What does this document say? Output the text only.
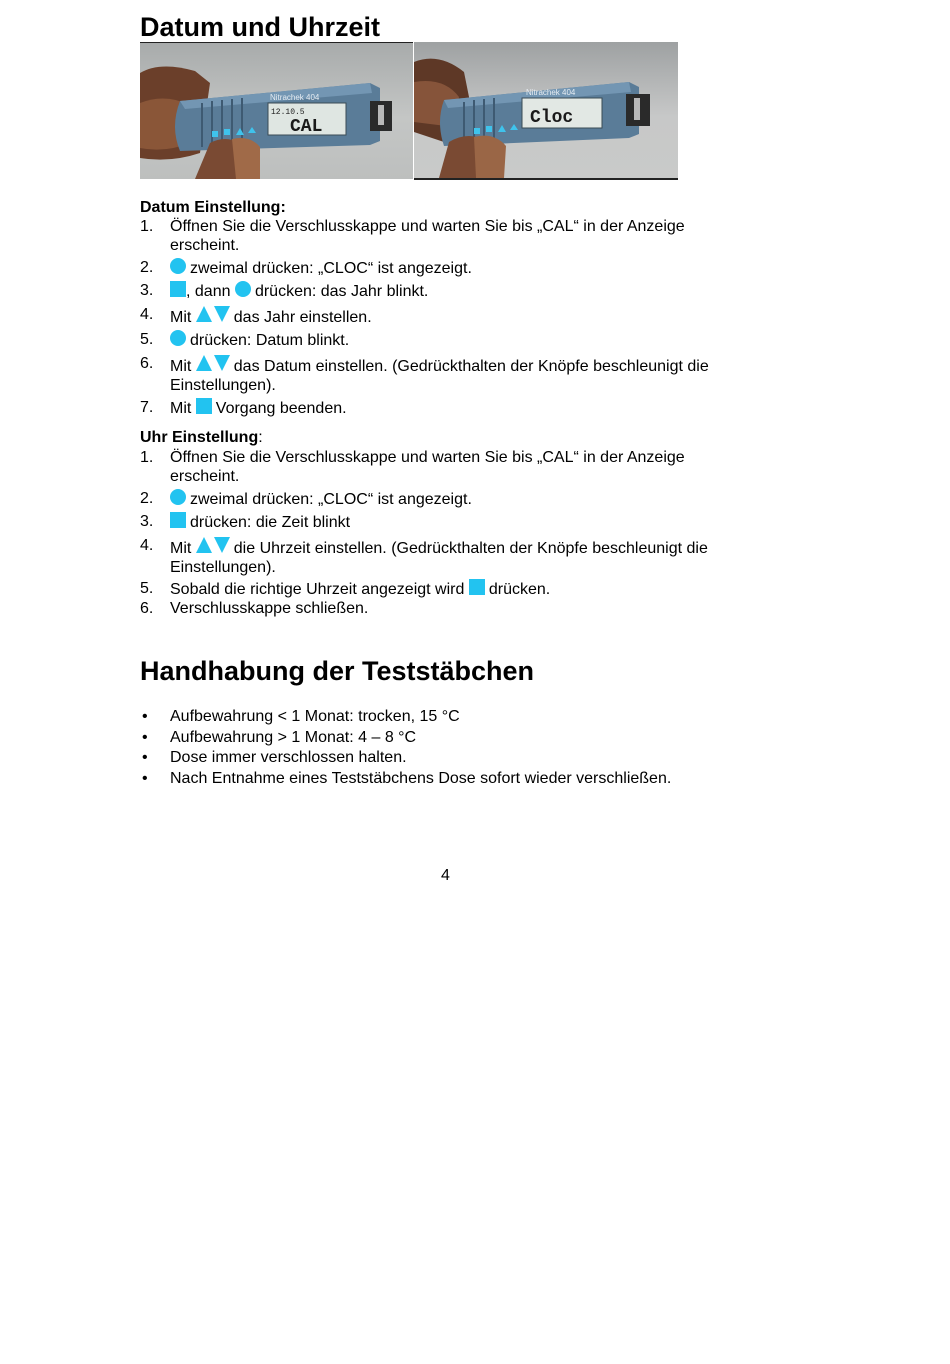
Datum und Uhrzeit
Nitrachek 404
12.10.5
CAL
Nitrachek 404
Cloc
Datum Einstellung:
1. Öffnen Sie die Verschlusskappe und warten Sie bis „CAL“ in der Anzeige
erscheint.
2. zweimal drücken: „CLOC“ ist angezeigt.
3. , dann drücken: das Jahr blinkt.
4. Mit	das Jahr einstellen.
5. drücken: Datum blinkt.
6. Mit	das Datum einstellen. (Gedrückthalten der Knöpfe beschleunigt die
Einstellungen).
7. Mit Vorgang beenden.
Uhr Einstellung:
1. Öffnen Sie die Verschlusskappe und warten Sie bis „CAL“ in der Anzeige
erscheint.
2. zweimal drücken: „CLOC“ ist angezeigt.
3. drücken: die Zeit blinkt
4. Mit	die Uhrzeit einstellen. (Gedrückthalten der Knöpfe beschleunigt die
Einstellungen).
5. Sobald die richtige Uhrzeit angezeigt wird drücken.
6. Verschlusskappe schließen.
Handhabung der Teststäbchen
• Aufbewahrung < 1 Monat: trocken, 15 °C
• Aufbewahrung > 1 Monat: 4 – 8 °C
• Dose immer verschlossen halten.
• Nach Entnahme eines Teststäbchens Dose sofort wieder verschließen.
4
